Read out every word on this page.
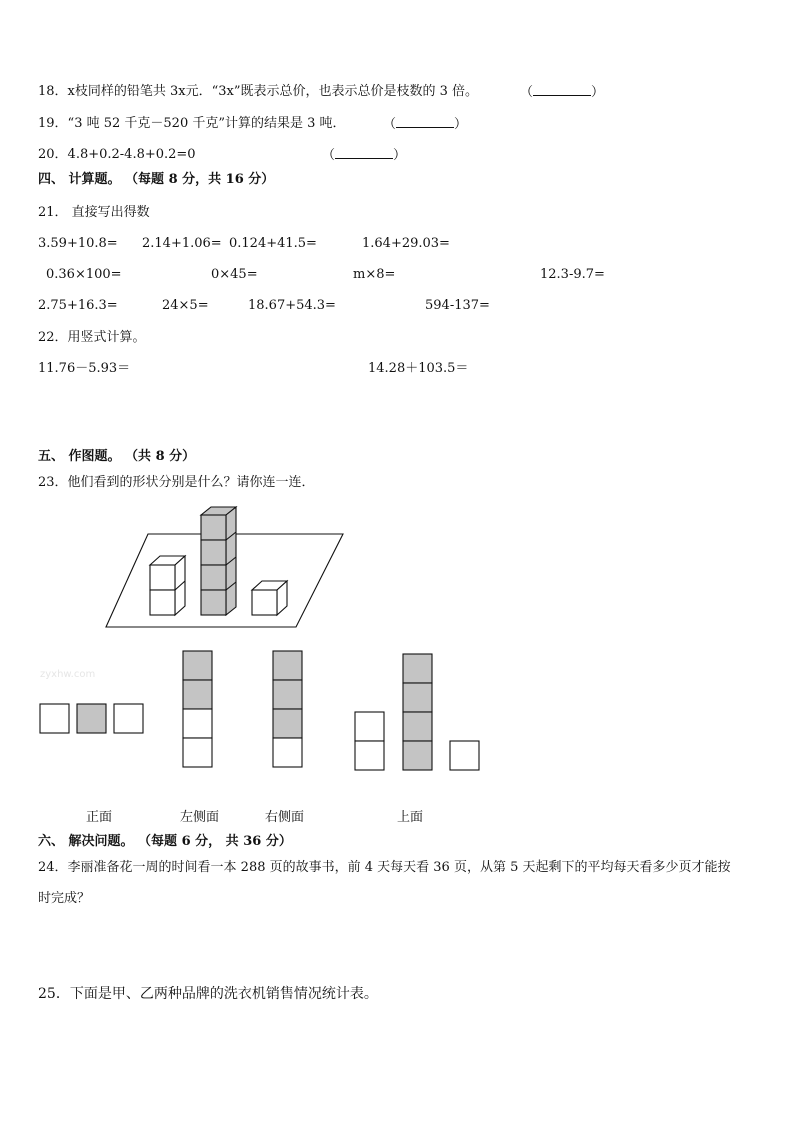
18．x枝同样的铅笔共 3x元．“3x”既表示总价，也表示总价是枝数的 3 倍。	（	）
19．“3 吨 52 千克－520 千克”计算的结果是 3 吨．	（	）
20．4.8+0.2-4.8+0.2=0	（	）
四、 计算题。 （每题 8 分，共 16 分）
21． 直接写出得数
3.59+10.8= 2.14+1.06= 0.124+41.5=	1.64+29.03=
0.36×100=	0×45=	m×8=	12.3-9.7=
2.75+16.3=	24×5=	18.67+54.3=	594-137=
22．用竖式计算。
11.76－5.93＝	14.28＋103.5＝
五、 作图题。 （共 8 分）
23．他们看到的形状分别是什么？请你连一连．
zyxhw.com
正面	左侧面	右侧面	上面
六、 解决问题。 （每题 6 分， 共 36 分）
24．李丽准备花一周的时间看一本 288 页的故事书，前 4 天每天看 36 页，从第 5 天起剩下的平均每天看多少页才能按
时完成？
25．下面是甲、乙两种品牌的洗衣机销售情况统计表。
